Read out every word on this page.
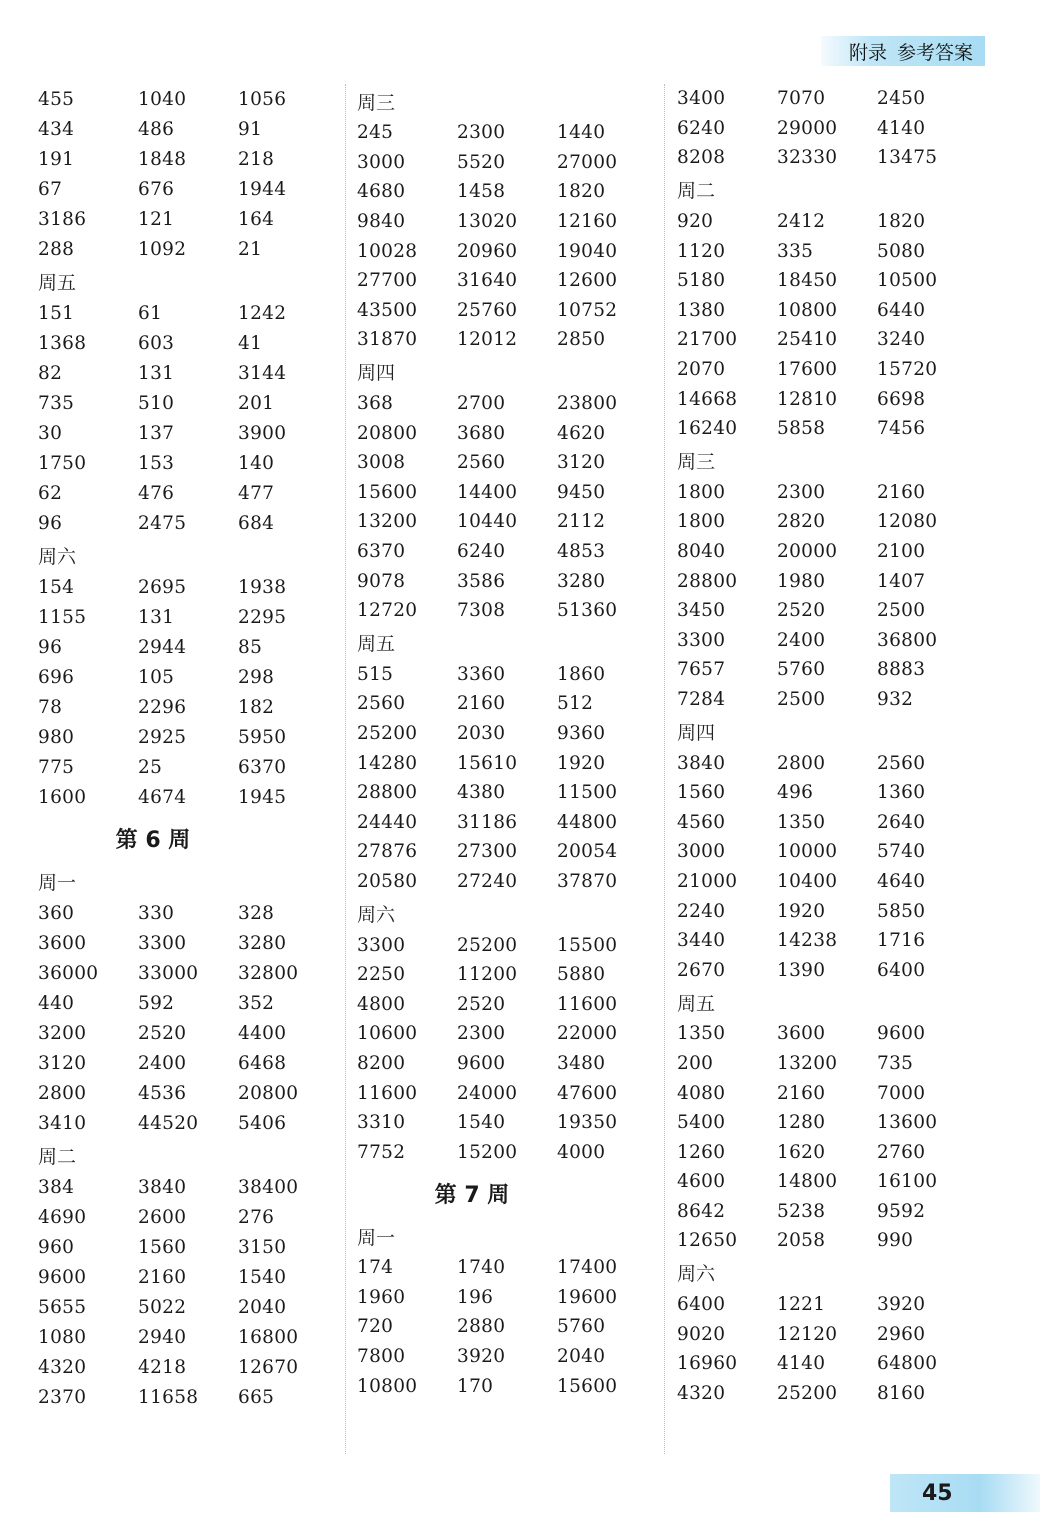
附录 参考答案
455	1040	1056
434	486	91
191	1848	218
67	676	1944
3186	121	164
288	1092	21
周五
151	61	1242
1368	603	41
82	131	3144
735	510	201
30	137	3900
1750	153	140
62	476	477
96	2475	684
周六
154	2695	1938
1155	131	2295
96	2944	85
696	105	298
78	2296	182
980	2925	5950
775	25	6370
1600	4674	1945
第 6 周
周一
360	330	328
3600	3300	3280
36000	33000	32800
440	592	352
3200	2520	4400
3120	2400	6468
2800	4536	20800
3410	44520	5406
周二
384	3840	38400
4690	2600	276
960	1560	3150
9600	2160	1540
5655	5022	2040
1080	2940	16800
4320	4218	12670
2370	11658	665
周三
245	2300	1440
3000	5520	27000
4680	1458	1820
9840	13020	12160
10028	20960	19040
27700	31640	12600
43500	25760	10752
31870	12012	2850
周四
368	2700	23800
20800	3680	4620
3008	2560	3120
15600	14400	9450
13200	10440	2112
6370	6240	4853
9078	3586	3280
12720	7308	51360
周五
515	3360	1860
2560	2160	512
25200	2030	9360
14280	15610	1920
28800	4380	11500
24440	31186	44800
27876	27300	20054
20580	27240	37870
周六
3300	25200	15500
2250	11200	5880
4800	2520	11600
10600	2300	22000
8200	9600	3480
11600	24000	47600
3310	1540	19350
7752	15200	4000
第 7 周
周一
174	1740	17400
1960	196	19600
720	2880	5760
7800	3920	2040
10800	170	15600
3400	7070	2450
6240	29000	4140
8208	32330	13475
周二
920	2412	1820
1120	335	5080
5180	18450	10500
1380	10800	6440
21700	25410	3240
2070	17600	15720
14668	12810	6698
16240	5858	7456
周三
1800	2300	2160
1800	2820	12080
8040	20000	2100
28800	1980	1407
3450	2520	2500
3300	2400	36800
7657	5760	8883
7284	2500	932
周四
3840	2800	2560
1560	496	1360
4560	1350	2640
3000	10000	5740
21000	10400	4640
2240	1920	5850
3440	14238	1716
2670	1390	6400
周五
1350	3600	9600
200	13200	735
4080	2160	7000
5400	1280	13600
1260	1620	2760
4600	14800	16100
8642	5238	9592
12650	2058	990
周六
6400	1221	3920
9020	12120	2960
16960	4140	64800
4320	25200	8160
45
